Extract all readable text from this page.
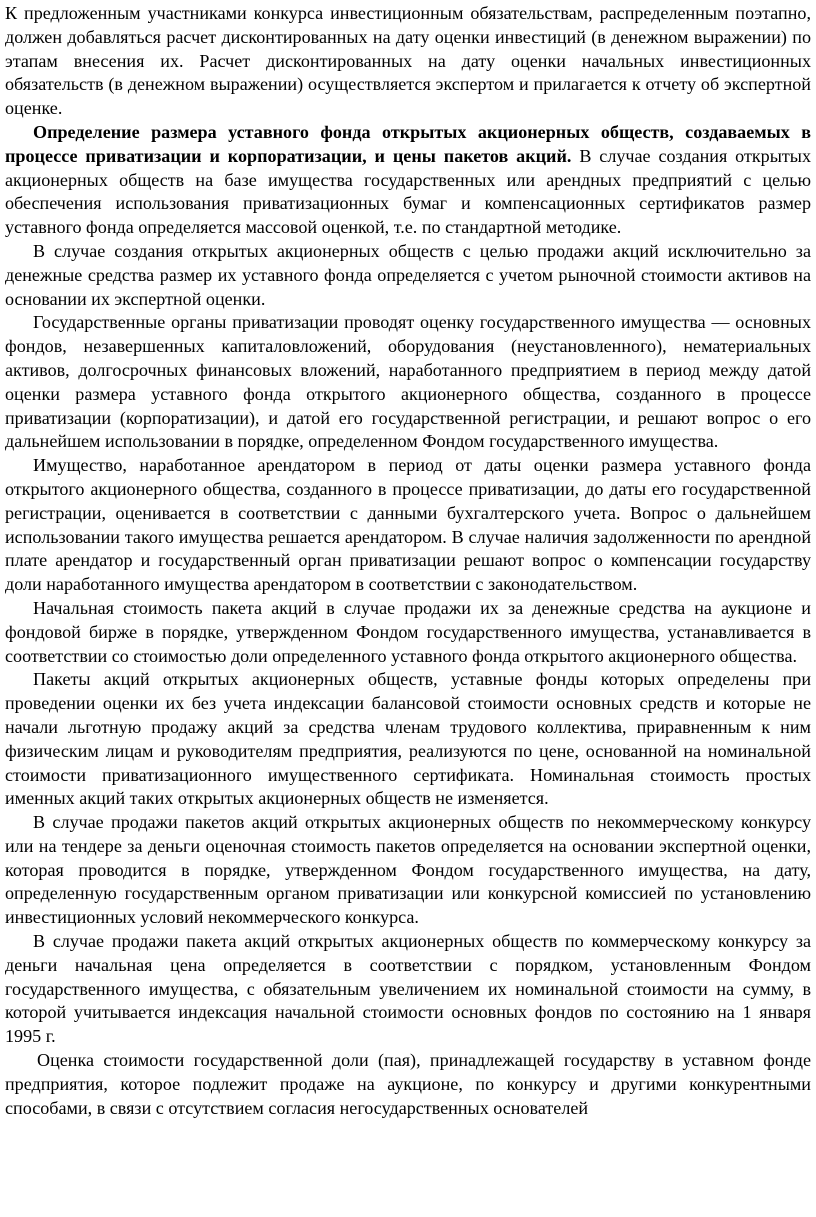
К предложенным участниками конкурса инвестиционным обязательствам, распределенным поэтапно, должен добавляться расчет дисконтированных на дату оценки инвестиций (в денежном выражении) по этапам внесения их. Расчет дисконтированных на дату оценки начальных инвестиционных обязательств (в денежном выражении) осуществляется экспертом и прилагается к отчету об экспертной оценке.

Определение размера уставного фонда открытых акционерных обществ, создаваемых в процессе приватизации и корпоратизации, и цены пакетов акций. В случае создания открытых акционерных обществ на базе имущества государственных или арендных предприятий с целью обеспечения использования приватизационных бумаг и компенсационных сертификатов размер уставного фонда определяется массовой оценкой, т.е. по стандартной методике.

В случае создания открытых акционерных обществ с целью продажи акций исключительно за денежные средства размер их уставного фонда определяется с учетом рыночной стоимости активов на основании их экспертной оценки.

Государственные органы приватизации проводят оценку государственного имущества — основных фондов, незавершенных капиталовложений, оборудования (неустановленного), нематериальных активов, долгосрочных финансовых вложений, наработанного предприятием в период между датой оценки размера уставного фонда открытого акционерного общества, созданного в процессе приватизации (корпоратизации), и датой его государственной регистрации, и решают вопрос о его дальнейшем использовании в порядке, определенном Фондом государственного имущества.

Имущество, наработанное арендатором в период от даты оценки размера уставного фонда открытого акционерного общества, созданного в процессе приватизации, до даты его государственной регистрации, оценивается в соответствии с данными бухгалтерского учета. Вопрос о дальнейшем использовании такого имущества решается арендатором. В случае наличия задолженности по арендной плате арендатор и государственный орган приватизации решают вопрос о компенсации государству доли наработанного имущества арендатором в соответствии с законодательством.

Начальная стоимость пакета акций в случае продажи их за денежные средства на аукционе и фондовой бирже в порядке, утвержденном Фондом государственного имущества, устанавливается в соответствии со стоимостью доли определенного уставного фонда открытого акционерного общества.

Пакеты акций открытых акционерных обществ, уставные фонды которых определены при проведении оценки их без учета индексации балансовой стоимости основных средств и которые не начали льготную продажу акций за средства членам трудового коллектива, приравненным к ним физическим лицам и руководителям предприятия, реализуются по цене, основанной на номинальной стоимости приватизационного имущественного сертификата. Номинальная стоимость простых именных акций таких открытых акционерных обществ не изменяется.

В случае продажи пакетов акций открытых акционерных обществ по некоммерческому конкурсу или на тендере за деньги оценочная стоимость пакетов определяется на основании экспертной оценки, которая проводится в порядке, утвержденном Фондом государственного имущества, на дату, определенную государственным органом приватизации или конкурсной комиссией по установлению инвестиционных условий некоммерческого конкурса.

В случае продажи пакета акций открытых акционерных обществ по коммерческому конкурсу за деньги начальная цена определяется в соответствии с порядком, установленным Фондом государственного имущества, с обязательным увеличением их номинальной стоимости на сумму, в которой учитывается индексация начальной стоимости основных фондов по состоянию на 1 января 1995 г.

Оценка стоимости государственной доли (пая), принадлежащей государству в уставном фонде предприятия, которое подлежит продаже на аукционе, по конкурсу и другими конкурентными способами, в связи с отсутствием согласия негосударственных основателей
